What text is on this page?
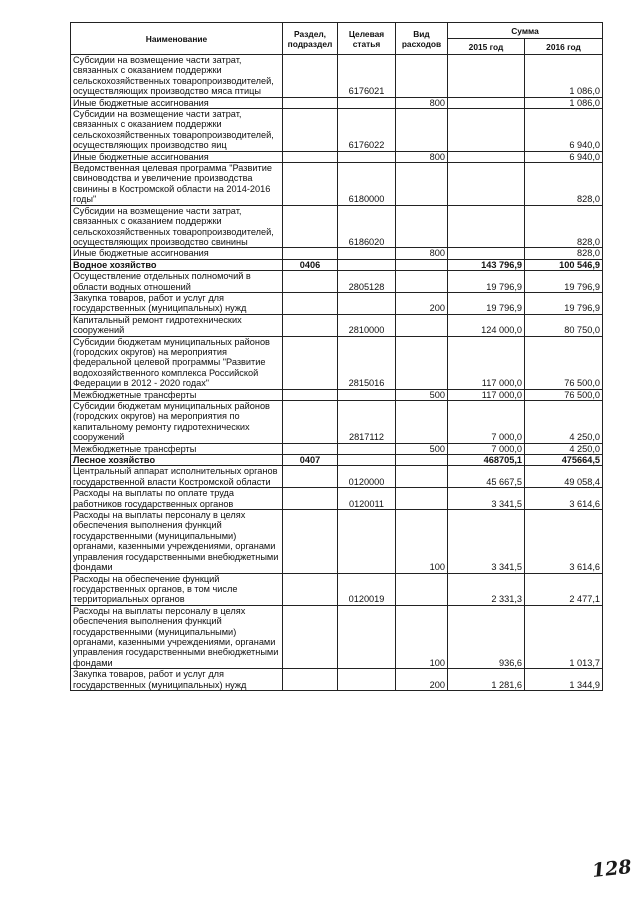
Наименование	Раздел, подраздел	Целевая статья	Вид расходов	Сумма	
				2015 год	2016 год
Субсидии на возмещение части затрат, связанных с оказанием поддержки сельскохозяйственных товаропроизводителей, осуществляющих производство мяса птицы		6176021			1 086,0
Иные бюджетные ассигнования			800		1 086,0
Субсидии на возмещение части затрат, связанных с оказанием поддержки сельскохозяйственных товаропроизводителей, осуществляющих производство яиц		6176022			6 940,0
Иные бюджетные ассигнования			800		6 940,0
Ведомственная целевая программа "Развитие свиноводства и увеличение производства свинины в Костромской области на 2014-2016 годы"		6180000			828,0
Субсидии на возмещение части затрат, связанных с оказанием поддержки сельскохозяйственных товаропроизводителей, осуществляющих производство свинины		6186020			828,0
Иные бюджетные ассигнования			800		828,0
Водное хозяйство	0406			143 796,9	100 546,9
Осуществление отдельных полномочий в области водных отношений		2805128		19 796,9	19 796,9
Закупка товаров, работ и услуг для государственных (муниципальных) нужд			200	19 796,9	19 796,9
Капитальный ремонт гидротехнических сооружений		2810000		124 000,0	80 750,0
Субсидии бюджетам муниципальных районов (городских округов) на мероприятия федеральной целевой программы "Развитие водохозяйственного комплекса Российской Федерации в 2012 - 2020 годах"		2815016		117 000,0	76 500,0
Межбюджетные трансферты			500	117 000,0	76 500,0
Субсидии бюджетам муниципальных районов (городских округов) на мероприятия по капитальному ремонту гидротехнических сооружений		2817112		7 000,0	4 250,0
Межбюджетные трансферты			500	7 000,0	4 250,0
Лесное хозяйство	0407			468705,1	475664,5
Центральный аппарат исполнительных органов государственной власти Костромской области		0120000		45 667,5	49 058,4
Расходы на выплаты по оплате труда работников государственных органов		0120011		3 341,5	3 614,6
Расходы на выплаты персоналу в целях обеспечения выполнения функций государственными (муниципальными) органами, казенными учреждениями, органами управления государственными внебюджетными фондами			100	3 341,5	3 614,6
Расходы на обеспечение функций государственных органов, в том числе территориальных органов		0120019		2 331,3	2 477,1
Расходы на выплаты персоналу в целях обеспечения выполнения функций государственными (муниципальными) органами, казенными учреждениями, органами управления государственными внебюджетными фондами			100	936,6	1 013,7
Закупка товаров, работ и услуг для государственных (муниципальных) нужд			200	1 281,6	1 344,9
128
